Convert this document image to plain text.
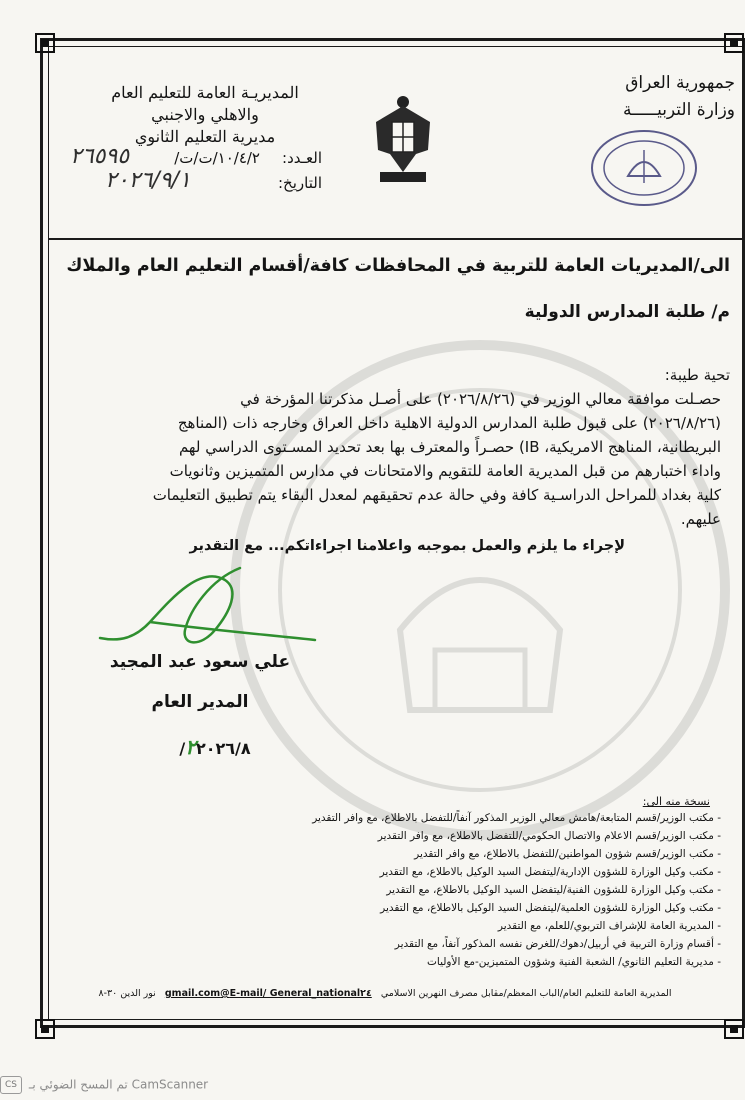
جمهورية العراق
وزارة التربيـــــة
المديريـة العامة للتعليم العام
والاهلي والاجنبي
مديرية التعليم الثانوي
العـدد:
١٠/٤/٢/ت/ت/
٢٦٥٩٥
التاريخ:
٢٠٢٦/٩/١
الى/المديريات العامة للتربية في المحافظات كافة/أقسام التعليم العام والملاك
م/ طلبة المدارس الدولية
تحية طيبة:
حصـلت موافقة معالي الوزير في (٢٠٢٦/٨/٢٦) على أصـل مذكرتنا المؤرخة في
(٢٠٢٦/٨/٢٦) على قبول طلبة المدارس الدولية الاهلية داخل العراق وخارجه ذات (المناهج
البريطانية، المناهج الامريكية، IB) حصـراً والمعترف بها بعد تحديد المسـتوى الدراسي لهم
واداء اختبارهم من قبل المديرية العامة للتقويم والامتحانات في مدارس المتميزين وثانويات
كلية بغداد للمراحل الدراسـية كافة وفي حالة عدم تحقيقهم لمعدل البقاء يتم تطبيق التعليمات
عليهم.
لإجراء ما يلزم والعمل بموجبه واعلامنا اجراءاتكم... مع التقدير
علي سعود عبد المجيد
المدير العام
٢٢٠٢٦/٨/
نسخة منه الى:
- مكتب الوزير/قسم المتابعة/هامش معالي الوزير المذكور آنفاً/للتفضل بالاطلاع، مع وافر التقدير
- مكتب الوزير/قسم الاعلام والاتصال الحكومي/للتفضل بالاطلاع، مع وافر التقدير
- مكتب الوزير/قسم شؤون المواطنين/للتفضل بالاطلاع، مع وافر التقدير
- مكتب وكيل الوزارة للشؤون الإدارية/ليتفضل السيد الوكيل بالاطلاع، مع التقدير
- مكتب وكيل الوزارة للشؤون الفنية/ليتفضل السيد الوكيل بالاطلاع، مع التقدير
- مكتب وكيل الوزارة للشؤون العلمية/ليتفضل السيد الوكيل بالاطلاع، مع التقدير
- المديرية العامة للإشراف التربوي/للعلم، مع التقدير
- أقسام وزارة التربية في أربيل/دهوك/للغرض نفسه المذكور آنفاً، مع التقدير
- مديرية التعليم الثانوي/ الشعبة الفنية وشؤون المتميزين-مع الأوليات
المديرية العامة للتعليم العام/الباب المعظم/مقابل مصرف النهرين الاسلامي   E-mail/ General_national٢٤@gmail.com   نور الدين ٣٠-٨
CS تم المسح الضوئي بـ CamScanner
